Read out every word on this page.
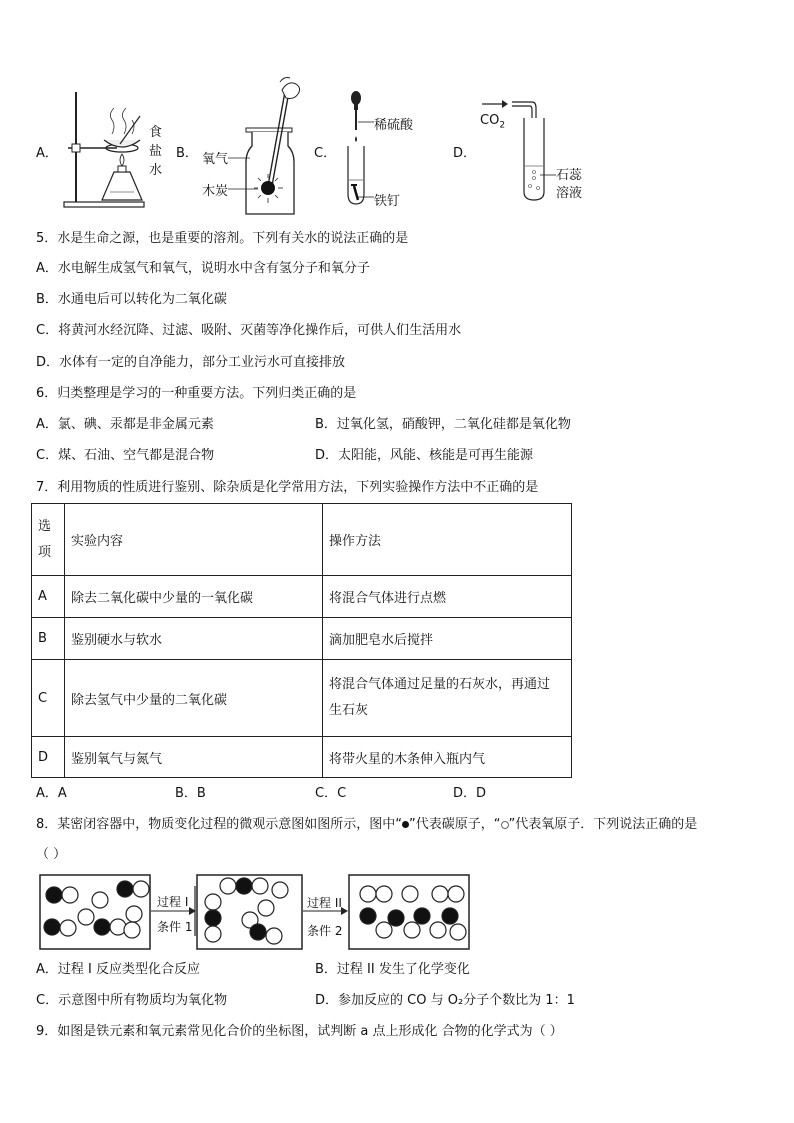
A．
食
盐
水
B． 氧气
木炭
C．
稀硫酸
铁钉
D．
$CO_2$
石蕊
溶液
5．水是生命之源，也是重要的溶剂。下列有关水的说法正确的是
A．水电解生成氢气和氧气，说明水中含有氢分子和氧分子
B．水通电后可以转化为二氧化碳
C．将黄河水经沉降、过滤、吸附、灭菌等净化操作后，可供人们生活用水
D．水体有一定的自净能力，部分工业污水可直接排放
6．归类整理是学习的一种重要方法。下列归类正确的是
A．氯、碘、汞都是非金属元素	B．过氧化氢，硝酸钾，二氧化硅都是氧化物
C．煤、石油、空气都是混合物	D．太阳能，风能、核能是可再生能源
7．利用物质的性质进行鉴别、除杂质是化学常用方法，下列实验操作方法中不正确的是
选
项	实验内容	操作方法
A	除去二氧化碳中少量的一氧化碳	将混合气体进行点燃
B	鉴别硬水与软水	滴加肥皂水后搅拌
C	除去氢气中少量的二氧化碳	将混合气体通过足量的石灰水，再通过
生石灰

D	鉴别氧气与氮气	将带火星的木条伸入瓶内气
A．A	B．B	C．C	D．D
8．某密闭容器中，物质变化过程的微观示意图如图所示，图中“ ”代表碳原子，“ ”代表氧原子．下列说法正确的是
（ ）
过程 I
条件 1
过程 II
条件 2
A．过程 I 反应类型化合反应	B．过程 II 发生了化学变化
C．示意图中所有物质均为氧化物	D．参加反应的 CO 与 O₂分子个数比为 1：1
9．如图是铁元素和氧元素常见化合价的坐标图，试判断 a 点上形成化 合物的化学式为（ ）
